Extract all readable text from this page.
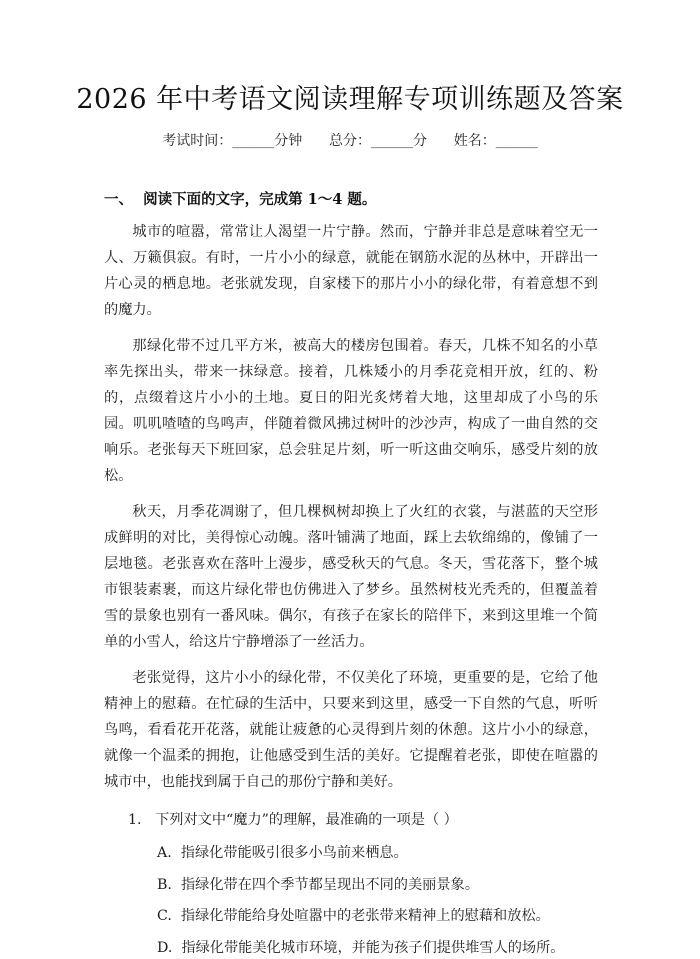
2026 年中考语文阅读理解专项训练题及答案
考试时间：______分钟      总分：______分      姓名：______
一、  阅读下面的文字，完成第 1～4 题。

城市的喧嚣，常常让人渴望一片宁静。然而，宁静并非总是意味着空无一人、万籁俱寂。有时，一片小小的绿意，就能在钢筋水泥的丛林中，开辟出一片心灵的栖息地。老张就发现，自家楼下的那片小小的绿化带，有着意想不到的魔力。

那绿化带不过几平方米，被高大的楼房包围着。春天，几株不知名的小草率先探出头，带来一抹绿意。接着，几株矮小的月季花竞相开放，红的、粉的，点缀着这片小小的土地。夏日的阳光炙烤着大地，这里却成了小鸟的乐园。叽叽喳喳的鸟鸣声，伴随着微风拂过树叶的沙沙声，构成了一曲自然的交响乐。老张每天下班回家，总会驻足片刻，听一听这曲交响乐，感受片刻的放松。

秋天，月季花凋谢了，但几棵枫树却换上了火红的衣裳，与湛蓝的天空形成鲜明的对比，美得惊心动魄。落叶铺满了地面，踩上去软绵绵的，像铺了一层地毯。老张喜欢在落叶上漫步，感受秋天的气息。冬天，雪花落下，整个城市银装素裹，而这片绿化带也仿佛进入了梦乡。虽然树枝光秃秃的，但覆盖着雪的景象也别有一番风味。偶尔，有孩子在家长的陪伴下，来到这里堆一个简单的小雪人，给这片宁静增添了一丝活力。

老张觉得，这片小小的绿化带，不仅美化了环境，更重要的是，它给了他精神上的慰藉。在忙碌的生活中，只要来到这里，感受一下自然的气息，听听鸟鸣，看看花开花落，就能让疲惫的心灵得到片刻的休憩。这片小小的绿意，就像一个温柔的拥抱，让他感受到生活的美好。它提醒着老张，即使在喧嚣的城市中，也能找到属于自己的那份宁静和美好。

1.   下列对文中“魔力”的理解，最准确的一项是（ ）
A.  指绿化带能吸引很多小鸟前来栖息。
B.  指绿化带在四个季节都呈现出不同的美丽景象。
C.  指绿化带能给身处喧嚣中的老张带来精神上的慰藉和放松。
D.  指绿化带能美化城市环境，并能为孩子们提供堆雪人的场所。
